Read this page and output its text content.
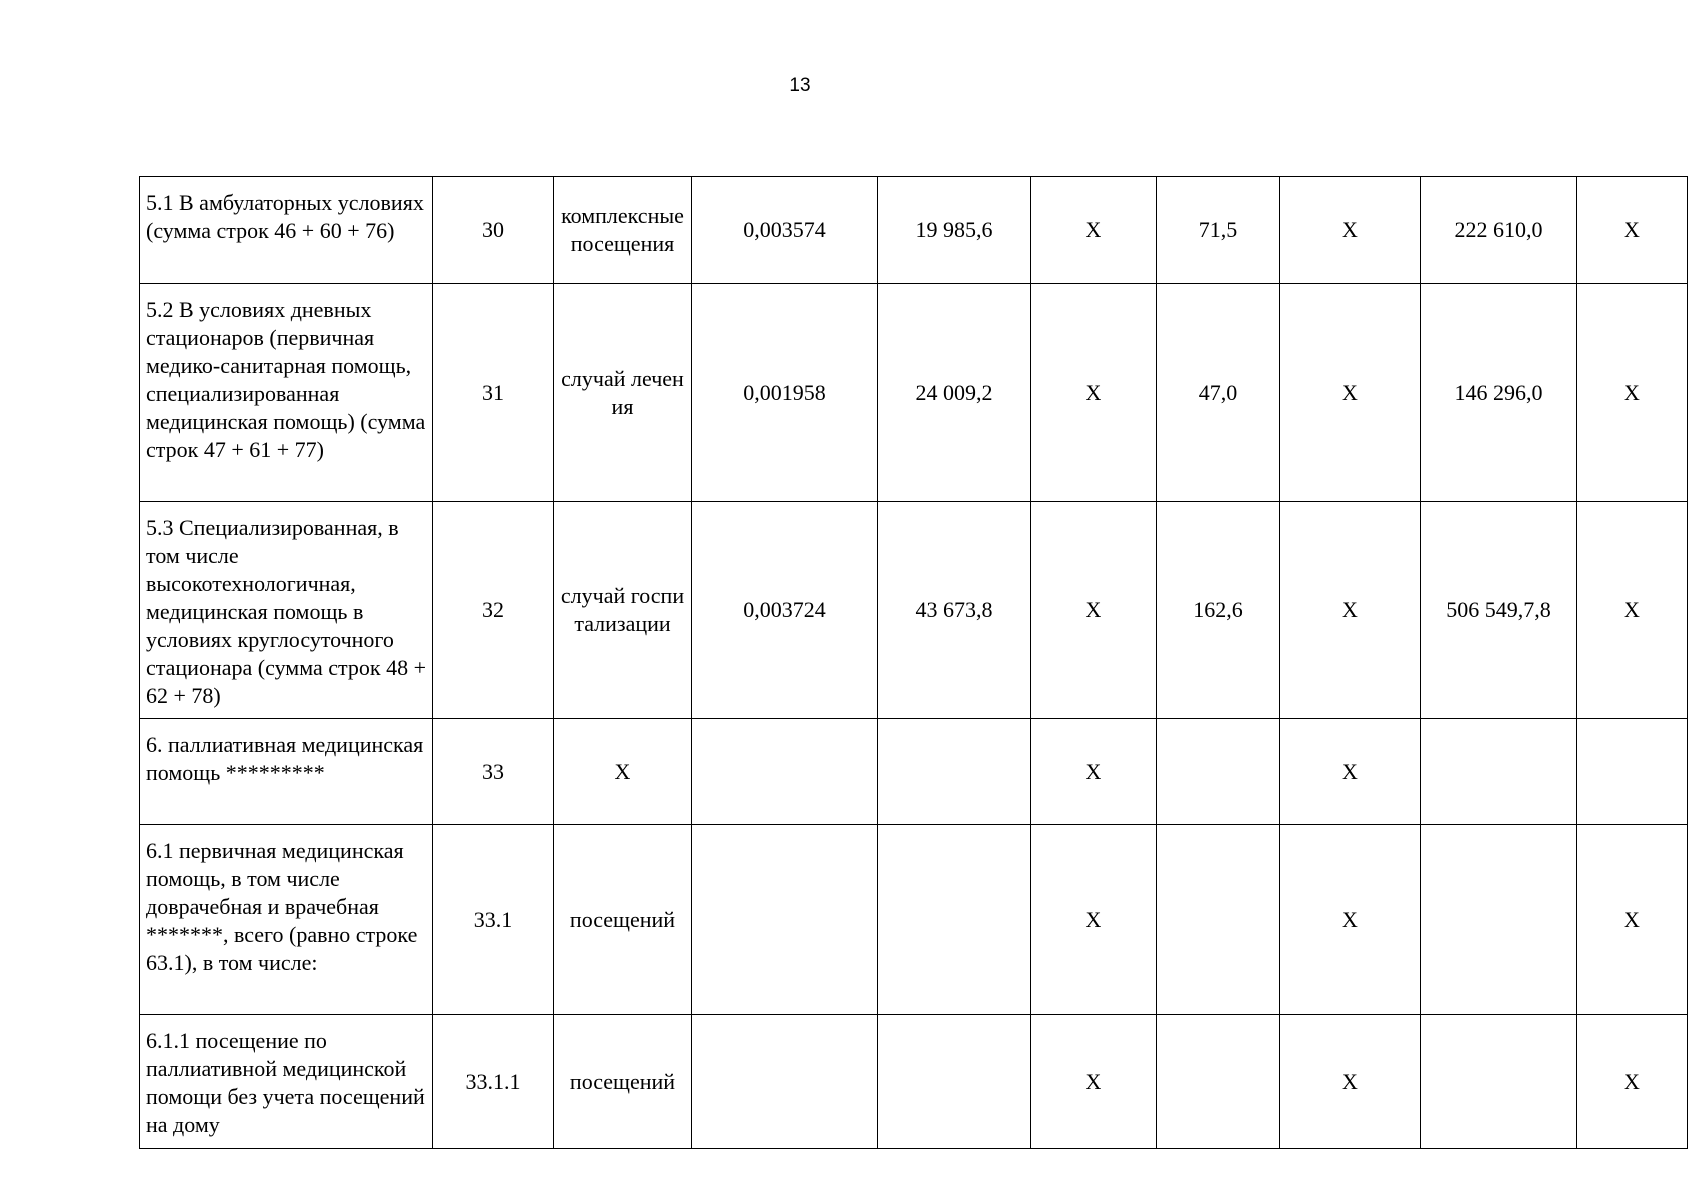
13
5.1 В амбулаторных условиях (сумма строк 46 + 60 + 76)	30	комплексные посещения	0,003574	19 985,6	Х	71,5	Х	222 610,0	Х
5.2 В условиях дневных стационаров (первичная медико-санитарная помощь, специализированная медицинская помощь) (сумма строк 47 + 61 + 77)	31	случай лечения	0,001958	24 009,2	Х	47,0	Х	146 296,0	Х
5.3 Специализированная, в том числе высокотехнологичная, медицинская помощь в условиях круглосуточного стационара (сумма строк 48 + 62 + 78)	32	случай госпитализации	0,003724	43 673,8	Х	162,6	Х	506 549,7,8	Х
6. паллиативная медицинская помощь *********	33	Х			Х		Х		
6.1 первичная медицинская помощь, в том числе доврачебная и врачебная *******, всего (равно строке 63.1), в том числе:	33.1	посещений			Х		Х		Х
6.1.1 посещение по паллиативной медицинской помощи без учета посещений на дому	33.1.1	посещений			Х		Х		Х
